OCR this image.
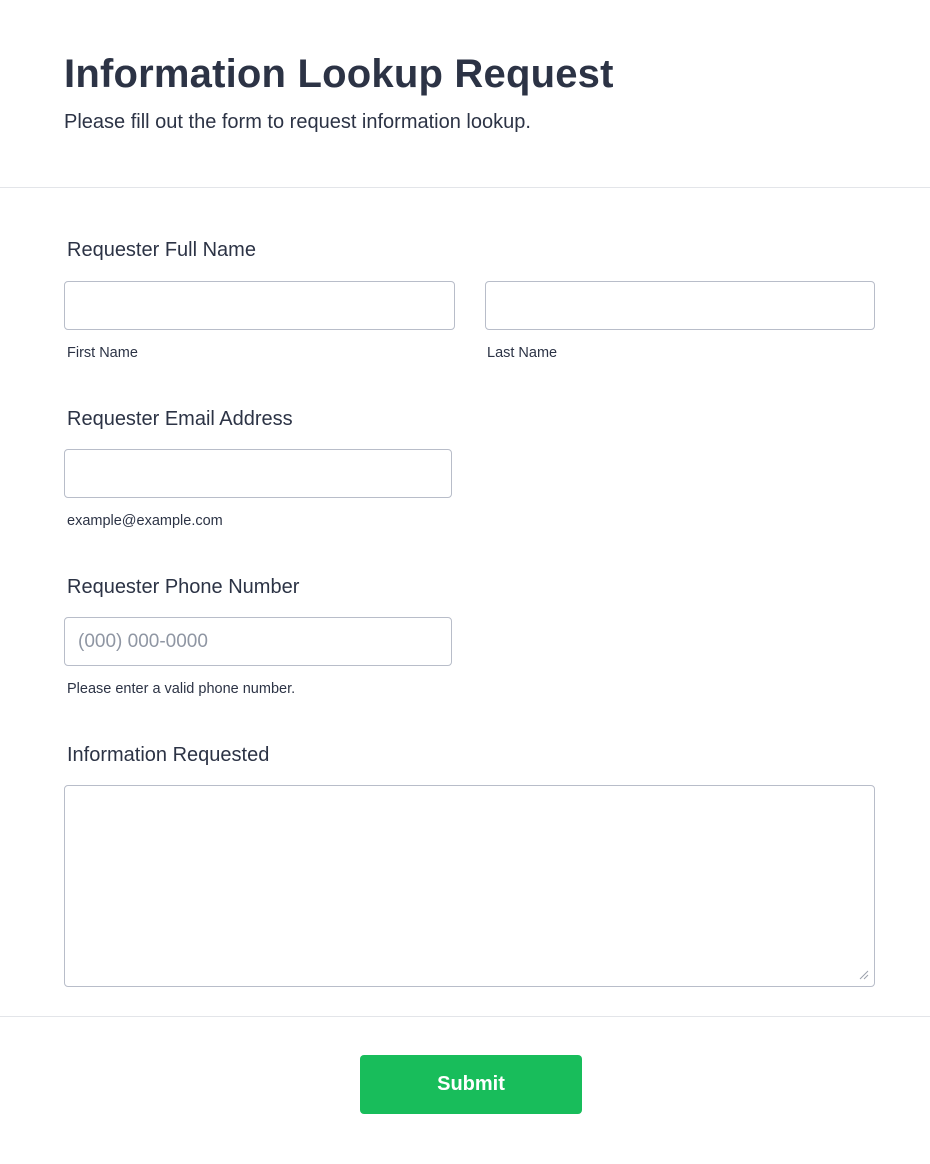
Information Lookup Request

Please fill out the form to request information lookup.

Requester Full Name
First Name	Last Name
Requester Email Address
example@example.com
Requester Phone Number
(000) 000-0000
Please enter a valid phone number.
Information Requested
Submit
